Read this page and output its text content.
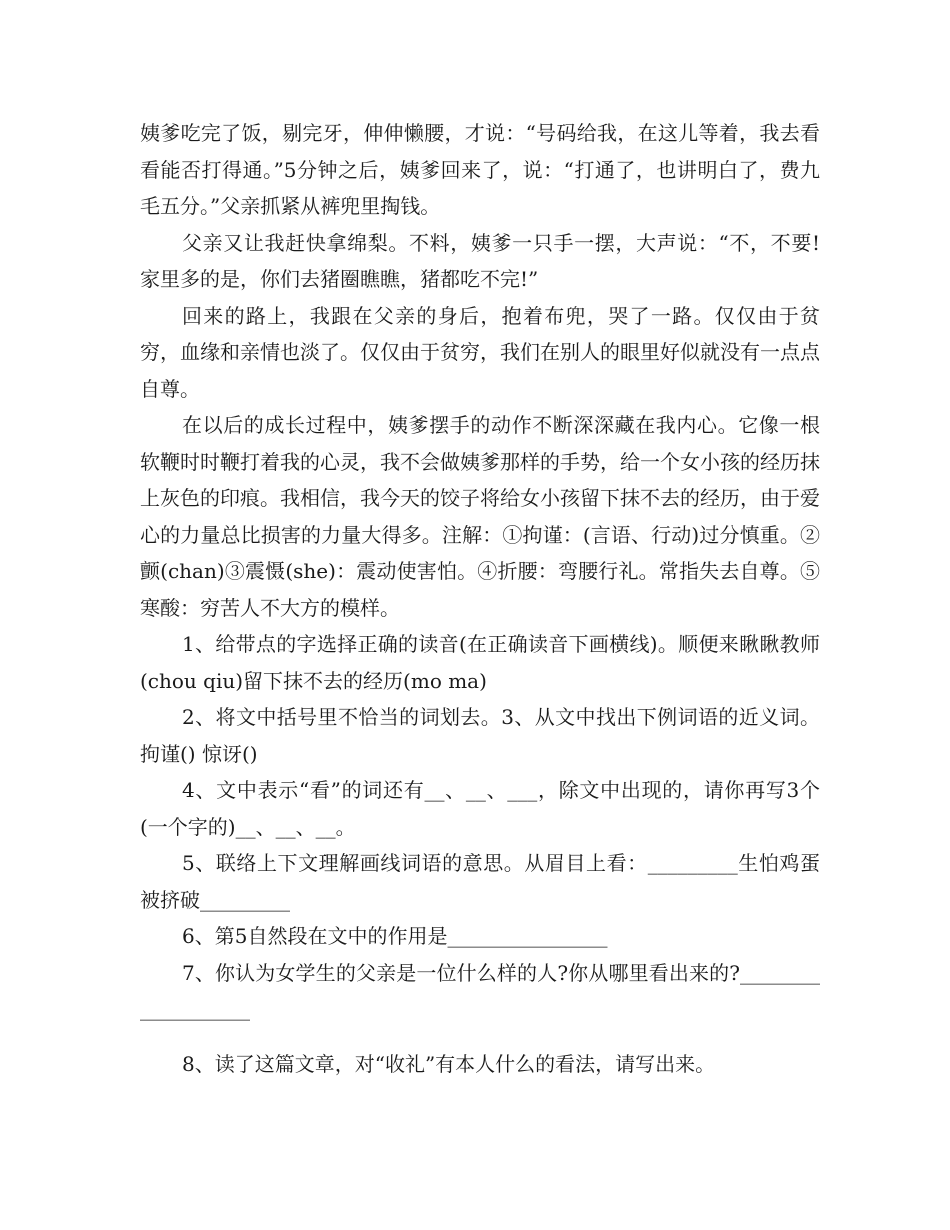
姨爹吃完了饭，剔完牙，伸伸懒腰，才说：“号码给我，在这儿等着，我去看看能否打得通。”5分钟之后，姨爹回来了，说：“打通了，也讲明白了，费九毛五分。”父亲抓紧从裤兜里掏钱。

父亲又让我赶快拿绵梨。不料，姨爹一只手一摆，大声说：“不，不要!家里多的是，你们去猪圈瞧瞧，猪都吃不完!”

回来的路上，我跟在父亲的身后，抱着布兜，哭了一路。仅仅由于贫穷，血缘和亲情也淡了。仅仅由于贫穷，我们在别人的眼里好似就没有一点点自尊。

在以后的成长过程中，姨爹摆手的动作不断深深藏在我内心。它像一根软鞭时时鞭打着我的心灵，我不会做姨爹那样的手势，给一个女小孩的经历抹上灰色的印痕。我相信，我今天的饺子将给女小孩留下抹不去的经历，由于爱心的力量总比损害的力量大得多。注解：①拘谨：(言语、行动)过分慎重。②颤(chan)③震慑(she)：震动使害怕。④折腰：弯腰行礼。常指失去自尊。⑤寒酸：穷苦人不大方的模样。

1、给带点的字选择正确的读音(在正确读音下画横线)。顺便来瞅瞅教师(chou qiu)留下抹不去的经历(mo ma)

2、将文中括号里不恰当的词划去。3、从文中找出下例词语的近义词。拘谨() 惊讶()

4、文中表示“看”的词还有__、__、___，除文中出现的，请你再写3个(一个字的)__、__、__。

5、联络上下文理解画线词语的意思。从眉目上看：_________生怕鸡蛋被挤破_________

6、第5自然段在文中的作用是________________

7、你认为女学生的父亲是一位什么样的人?你从哪里看出来的?___________________

8、读了这篇文章，对“收礼”有本人什么的看法，请写出来。
